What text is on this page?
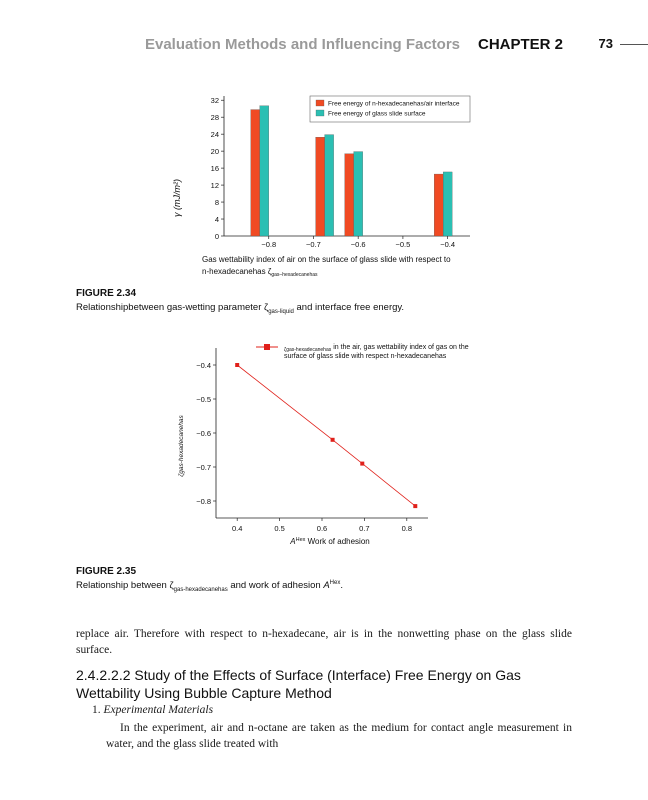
Evaluation Methods and Influencing Factors CHAPTER 2	73
0
4
8
12
16
20
24
28
32
−0.8	−0.7	−0.6	−0.5	−0.4
Free energy of n-hexadecanehas/air interface
Free energy of glass slide surface
γ (mJ/m²)
Gas wettability index of air on the surface of glass slide with respect to
n-hexadecanehas $\zeta_{gas-hexadecanehas}$
FIGURE 2.34
Relationshipbetween gas-wetting parameter $\zeta_{gas-liquid}$ and interface free energy.
−0.4
−0.5
−0.6
−0.7
−0.8
0.4	0.5	0.6	0.7	0.8
$_{\zeta gas-hexadecanehas}$ in the air, gas wettability index of gas on the
surface of glass slide with respect n-hexadecanehas
ζgas-hexadecanehas
$A^{Hex}$ Work of adhesion
FIGURE 2.35
Relationship between $\zeta_{gas-hexadecanehas}$ and work of adhesion $A^{Hex}$.
replace air. Therefore with respect to n-hexadecane, air is in the nonwetting phase on the glass slide surface.
2.4.2.2.2 Study of the Effects of Surface (Interface) Free Energy on Gas Wettability Using Bubble Capture Method
1. Experimental Materials
In the experiment, air and n-octane are taken as the medium for contact angle measurement in water, and the glass slide treated with
